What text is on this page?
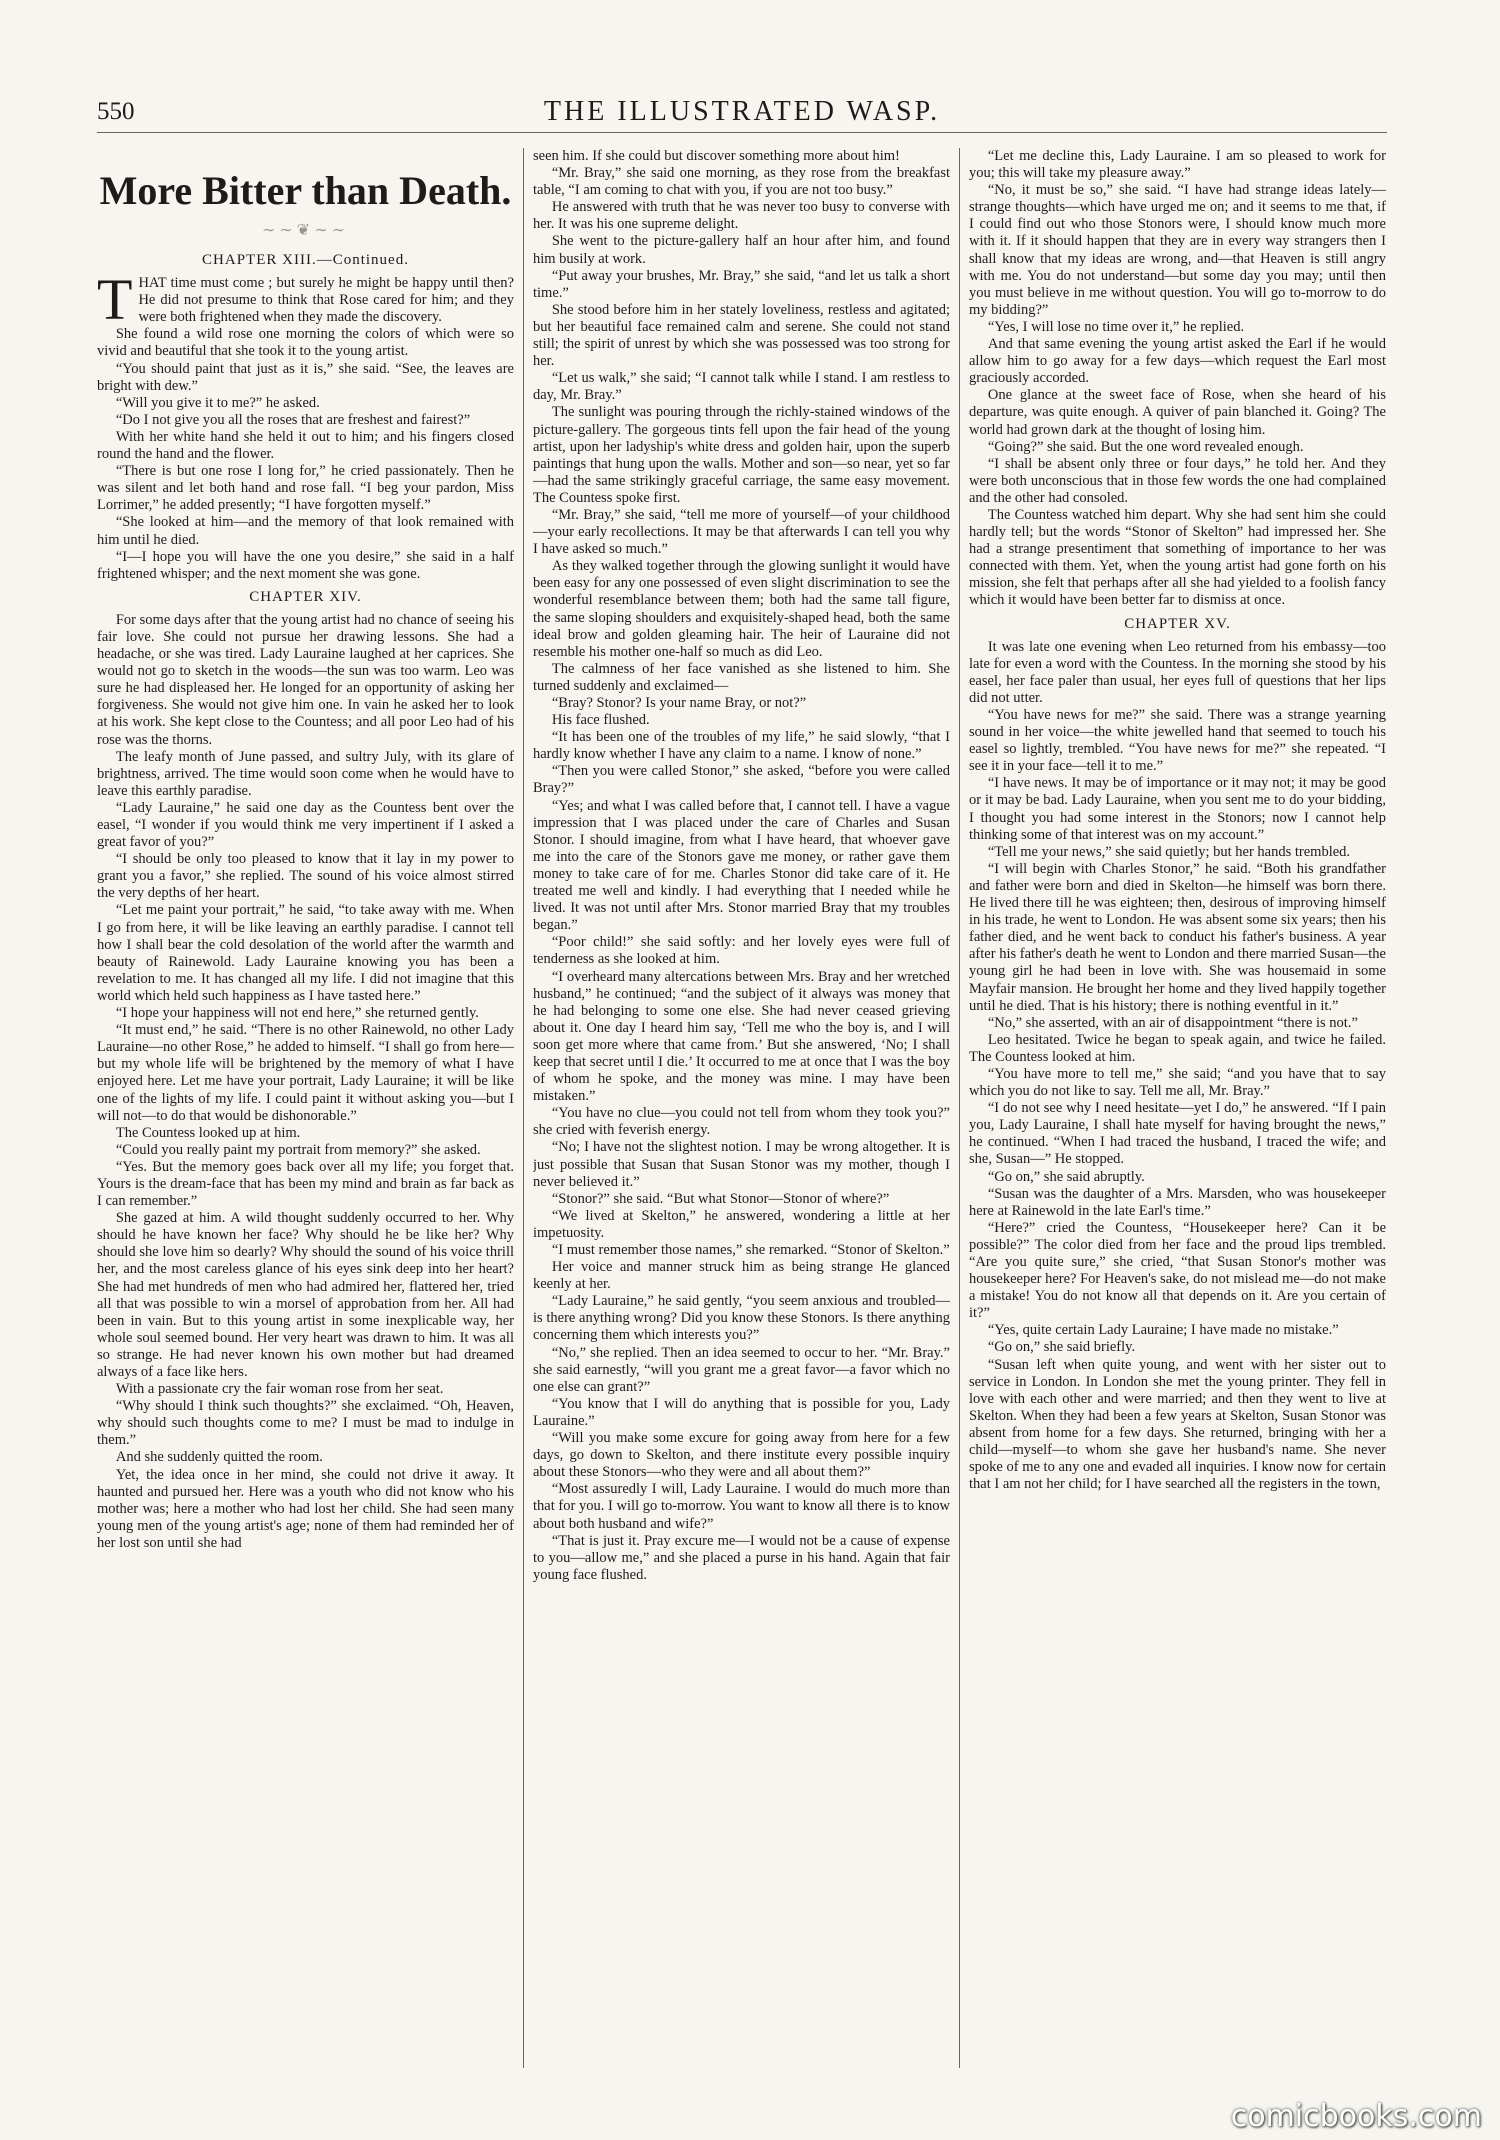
550	THE ILLUSTRATED WASP.
More Bitter than Death.
∼∼❦∼∼
CHAPTER XIII.—Continued.

THAT time must come ; but surely he might be happy until then? He did not presume to think that Rose cared for him; and they were both frightened when they made the discovery.

She found a wild rose one morning the colors of which were so vivid and beautiful that she took it to the young artist.

“You should paint that just as it is,” she said. “See, the leaves are bright with dew.”

“Will you give it to me?” he asked.

“Do I not give you all the roses that are freshest and fairest?”

With her white hand she held it out to him; and his fingers closed round the hand and the flower.

“There is but one rose I long for,” he cried passionately. Then he was silent and let both hand and rose fall. “I beg your pardon, Miss Lorrimer,” he added presently; “I have forgotten myself.”

“She looked at him—and the memory of that look remained with him until he died.

“I—I hope you will have the one you desire,” she said in a half frightened whisper; and the next moment she was gone.

CHAPTER XIV.

For some days after that the young artist had no chance of seeing his fair love. She could not pursue her drawing lessons. She had a headache, or she was tired. Lady Lauraine laughed at her caprices. She would not go to sketch in the woods—the sun was too warm. Leo was sure he had displeased her. He longed for an opportunity of asking her forgiveness. She would not give him one. In vain he asked her to look at his work. She kept close to the Countess; and all poor Leo had of his rose was the thorns.

The leafy month of June passed, and sultry July, with its glare of brightness, arrived. The time would soon come when he would have to leave this earthly paradise.

“Lady Lauraine,” he said one day as the Countess bent over the easel, “I wonder if you would think me very impertinent if I asked a great favor of you?”

“I should be only too pleased to know that it lay in my power to grant you a favor,” she replied. The sound of his voice almost stirred the very depths of her heart.

“Let me paint your portrait,” he said, “to take away with me. When I go from here, it will be like leaving an earthly paradise. I cannot tell how I shall bear the cold desolation of the world after the warmth and beauty of Rainewold. Lady Lauraine knowing you has been a revelation to me. It has changed all my life. I did not imagine that this world which held such happiness as I have tasted here.”

“I hope your happiness will not end here,” she returned gently.

“It must end,” he said. “There is no other Rainewold, no other Lady Lauraine—no other Rose,” he added to himself. “I shall go from here—but my whole life will be brightened by the memory of what I have enjoyed here. Let me have your portrait, Lady Lauraine; it will be like one of the lights of my life. I could paint it without asking you—but I will not—to do that would be dishonorable.”

The Countess looked up at him.

“Could you really paint my portrait from memory?” she asked.

“Yes. But the memory goes back over all my life; you forget that. Yours is the dream-face that has been my mind and brain as far back as I can remember.”

She gazed at him. A wild thought suddenly occurred to her. Why should he have known her face? Why should he be like her? Why should she love him so dearly? Why should the sound of his voice thrill her, and the most careless glance of his eyes sink deep into her heart? She had met hundreds of men who had admired her, flattered her, tried all that was possible to win a morsel of approbation from her. All had been in vain. But to this young artist in some inexplicable way, her whole soul seemed bound. Her very heart was drawn to him. It was all so strange. He had never known his own mother but had dreamed always of a face like hers.

With a passionate cry the fair woman rose from her seat.

“Why should I think such thoughts?” she exclaimed. “Oh, Heaven, why should such thoughts come to me? I must be mad to indulge in them.”

And she suddenly quitted the room.

Yet, the idea once in her mind, she could not drive it away. It haunted and pursued her. Here was a youth who did not know who his mother was; here a mother who had lost her child. She had seen many young men of the young artist's age; none of them had reminded her of her lost son until she had

seen him. If she could but discover something more about him!

“Mr. Bray,” she said one morning, as they rose from the breakfast table, “I am coming to chat with you, if you are not too busy.”

He answered with truth that he was never too busy to converse with her. It was his one supreme delight.

She went to the picture-gallery half an hour after him, and found him busily at work.

“Put away your brushes, Mr. Bray,” she said, “and let us talk a short time.”

She stood before him in her stately loveliness, restless and agitated; but her beautiful face remained calm and serene. She could not stand still; the spirit of unrest by which she was possessed was too strong for her.

“Let us walk,” she said; “I cannot talk while I stand. I am restless to day, Mr. Bray.”

The sunlight was pouring through the richly-stained windows of the picture-gallery. The gorgeous tints fell upon the fair head of the young artist, upon her ladyship's white dress and golden hair, upon the superb paintings that hung upon the walls. Mother and son—so near, yet so far—had the same strikingly graceful carriage, the same easy movement. The Countess spoke first.

“Mr. Bray,” she said, “tell me more of yourself—of your childhood—your early recollections. It may be that afterwards I can tell you why I have asked so much.”

As they walked together through the glowing sunlight it would have been easy for any one possessed of even slight discrimination to see the wonderful resemblance between them; both had the same tall figure, the same sloping shoulders and exquisitely-shaped head, both the same ideal brow and golden gleaming hair. The heir of Lauraine did not resemble his mother one-half so much as did Leo.

The calmness of her face vanished as she listened to him. She turned suddenly and exclaimed—

“Bray? Stonor? Is your name Bray, or not?”

His face flushed.

“It has been one of the troubles of my life,” he said slowly, “that I hardly know whether I have any claim to a name. I know of none.”

“Then you were called Stonor,” she asked, “before you were called Bray?”

“Yes; and what I was called before that, I cannot tell. I have a vague impression that I was placed under the care of Charles and Susan Stonor. I should imagine, from what I have heard, that whoever gave me into the care of the Stonors gave me money, or rather gave them money to take care of for me. Charles Stonor did take care of it. He treated me well and kindly. I had everything that I needed while he lived. It was not until after Mrs. Stonor married Bray that my troubles began.”

“Poor child!” she said softly: and her lovely eyes were full of tenderness as she looked at him.

“I overheard many altercations between Mrs. Bray and her wretched husband,” he continued; “and the subject of it always was money that he had belonging to some one else. She had never ceased grieving about it. One day I heard him say, ‘Tell me who the boy is, and I will soon get more where that came from.’ But she answered, ‘No; I shall keep that secret until I die.’ It occurred to me at once that I was the boy of whom he spoke, and the money was mine. I may have been mistaken.”

“You have no clue—you could not tell from whom they took you?” she cried with feverish energy.

“No; I have not the slightest notion. I may be wrong altogether. It is just possible that Susan that Susan Stonor was my mother, though I never believed it.”

“Stonor?” she said. “But what Stonor—Stonor of where?”

“We lived at Skelton,” he answered, wondering a little at her impetuosity.

“I must remember those names,” she remarked. “Stonor of Skelton.”

Her voice and manner struck him as being strange He glanced keenly at her.

“Lady Lauraine,” he said gently, “you seem anxious and troubled—is there anything wrong? Did you know these Stonors. Is there anything concerning them which interests you?”

“No,” she replied. Then an idea seemed to occur to her. “Mr. Bray.” she said earnestly, “will you grant me a great favor—a favor which no one else can grant?”

“You know that I will do anything that is possible for you, Lady Lauraine.”

“Will you make some excure for going away from here for a few days, go down to Skelton, and there institute every possible inquiry about these Stonors—who they were and all about them?”

“Most assuredly I will, Lady Lauraine. I would do much more than that for you. I will go to-morrow. You want to know all there is to know about both husband and wife?”

“That is just it. Pray excure me—I would not be a cause of expense to you—allow me,” and she placed a purse in his hand. Again that fair young face flushed.

“Let me decline this, Lady Lauraine. I am so pleased to work for you; this will take my pleasure away.”

“No, it must be so,” she said. “I have had strange ideas lately—strange thoughts—which have urged me on; and it seems to me that, if I could find out who those Stonors were, I should know much more with it. If it should happen that they are in every way strangers then I shall know that my ideas are wrong, and—that Heaven is still angry with me. You do not understand—but some day you may; until then you must believe in me without question. You will go to-morrow to do my bidding?”

“Yes, I will lose no time over it,” he replied.

And that same evening the young artist asked the Earl if he would allow him to go away for a few days—which request the Earl most graciously accorded.

One glance at the sweet face of Rose, when she heard of his departure, was quite enough. A quiver of pain blanched it. Going? The world had grown dark at the thought of losing him.

“Going?” she said. But the one word revealed enough.

“I shall be absent only three or four days,” he told her. And they were both unconscious that in those few words the one had complained and the other had consoled.

The Countess watched him depart. Why she had sent him she could hardly tell; but the words “Stonor of Skelton” had impressed her. She had a strange presentiment that something of importance to her was connected with them. Yet, when the young artist had gone forth on his mission, she felt that perhaps after all she had yielded to a foolish fancy which it would have been better far to dismiss at once.

CHAPTER XV.

It was late one evening when Leo returned from his embassy—too late for even a word with the Countess. In the morning she stood by his easel, her face paler than usual, her eyes full of questions that her lips did not utter.

“You have news for me?” she said. There was a strange yearning sound in her voice—the white jewelled hand that seemed to touch his easel so lightly, trembled. “You have news for me?” she repeated. “I see it in your face—tell it to me.”

“I have news. It may be of importance or it may not; it may be good or it may be bad. Lady Lauraine, when you sent me to do your bidding, I thought you had some interest in the Stonors; now I cannot help thinking some of that interest was on my account.”

“Tell me your news,” she said quietly; but her hands trembled.

“I will begin with Charles Stonor,” he said. “Both his grandfather and father were born and died in Skelton—he himself was born there. He lived there till he was eighteen; then, desirous of improving himself in his trade, he went to London. He was absent some six years; then his father died, and he went back to conduct his father's business. A year after his father's death he went to London and there married Susan—the young girl he had been in love with. She was housemaid in some Mayfair mansion. He brought her home and they lived happily together until he died. That is his history; there is nothing eventful in it.”

“No,” she asserted, with an air of disappointment “there is not.”

Leo hesitated. Twice he began to speak again, and twice he failed. The Countess looked at him.

“You have more to tell me,” she said; “and you have that to say which you do not like to say. Tell me all, Mr. Bray.”

“I do not see why I need hesitate—yet I do,” he answered. “If I pain you, Lady Lauraine, I shall hate myself for having brought the news,” he continued. “When I had traced the husband, I traced the wife; and she, Susan—” He stopped.

“Go on,” she said abruptly.

“Susan was the daughter of a Mrs. Marsden, who was housekeeper here at Rainewold in the late Earl's time.”

“Here?” cried the Countess, “Housekeeper here? Can it be possible?” The color died from her face and the proud lips trembled. “Are you quite sure,” she cried, “that Susan Stonor's mother was housekeeper here? For Heaven's sake, do not mislead me—do not make a mistake! You do not know all that depends on it. Are you certain of it?”

“Yes, quite certain Lady Lauraine; I have made no mistake.”

“Go on,” she said briefly.

“Susan left when quite young, and went with her sister out to service in London. In London she met the young printer. They fell in love with each other and were married; and then they went to live at Skelton. When they had been a few years at Skelton, Susan Stonor was absent from home for a few days. She returned, bringing with her a child—myself—to whom she gave her husband's name. She never spoke of me to any one and evaded all inquiries. I know now for certain that I am not her child; for I have searched all the registers in the town,

comicbooks.com
